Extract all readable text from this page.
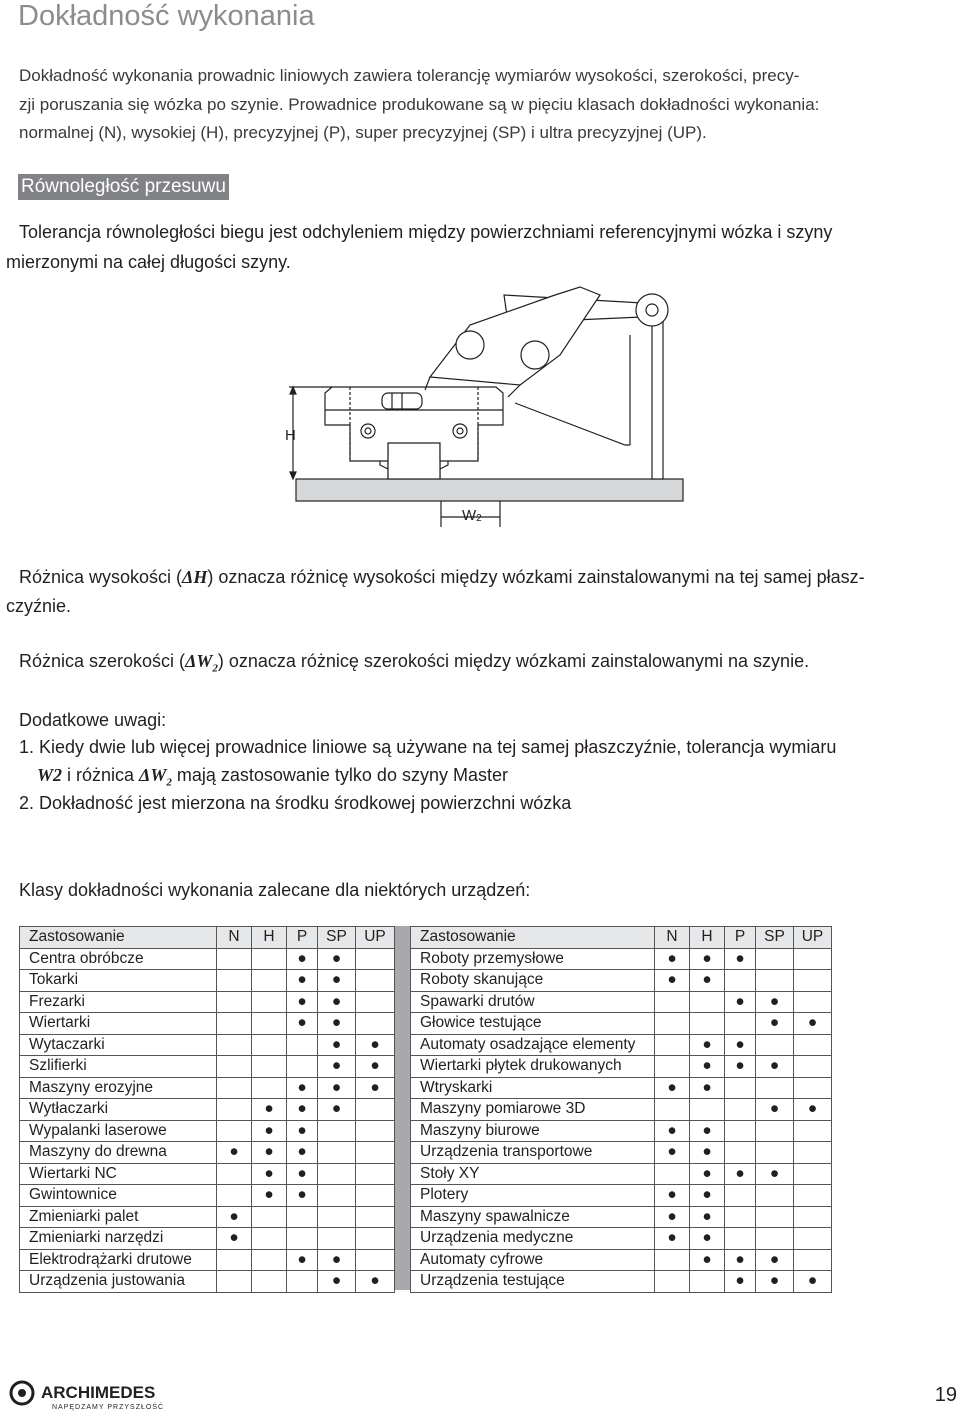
Dokładność wykonania
Dokładność wykonania prowadnic liniowych zawiera tolerancję wymiarów wysokości, szerokości, precy-
zji poruszania się wózka po szynie. Prowadnice produkowane są w pięciu klasach dokładności wykonania:
normalnej (N), wysokiej (H), precyzyjnej (P), super precyzyjnej (SP) i ultra precyzyjnej (UP).
Równoległość przesuwu
Tolerancja równoległości biegu jest odchyleniem między powierzchniami referencyjnymi wózka i szyny
mierzonymi na całej długości szyny.
H
W2
Różnica wysokości (ΔH) oznacza różnicę wysokości między wózkami zainstalowanymi na tej samej płasz-
czyźnie.
Różnica szerokości $(\Delta W_2)$ oznacza różnicę szerokości między wózkami zainstalowanymi na szynie.
Dodatkowe uwagi:
1. Kiedy dwie lub więcej prowadnice liniowe są używane na tej samej płaszczyźnie, tolerancja wymiaru
W2 i różnica $\Delta W_2$ mają zastosowanie tylko do szyny Master
2. Dokładność jest mierzona na środku środkowej powierzchni wózka
Klasy dokładności wykonania zalecane dla niektórych urządzeń:
Zastosowanie	N	H	P	SP	UP
Centra obróbcze			●	●	
Tokarki			●	●	
Frezarki			●	●	
Wiertarki			●	●	
Wytaczarki				●	●
Szlifierki				●	●
Maszyny erozyjne			●	●	●
Wytłaczarki		●	●	●	
Wypalanki laserowe		●	●		
Maszyny do drewna	●	●	●		
Wiertarki NC		●	●		
Gwintownice		●	●		
Zmieniarki palet	●				
Zmieniarki narzędzi	●				
Elektrodrążarki drutowe			●	●	
Urządzenia justowania				●	●
Zastosowanie	N	H	P	SP	UP
Roboty przemysłowe	●	●	●		
Roboty skanujące	●	●			
Spawarki drutów			●	●	
Głowice testujące				●	●
Automaty osadzające elementy		●	●		
Wiertarki płytek drukowanych		●	●	●	
Wtryskarki	●	●			
Maszyny pomiarowe 3D				●	●
Maszyny biurowe	●	●			
Urządzenia transportowe	●	●			
Stoły XY		●	●	●	
Plotery	●	●			
Maszyny spawalnicze	●	●			
Urządzenia medyczne	●	●			
Automaty cyfrowe		●	●	●	
Urządzenia testujące			●	●	●
ARCHIMEDES
NAPĘDZAMY PRZYSZŁOŚĆ
19
